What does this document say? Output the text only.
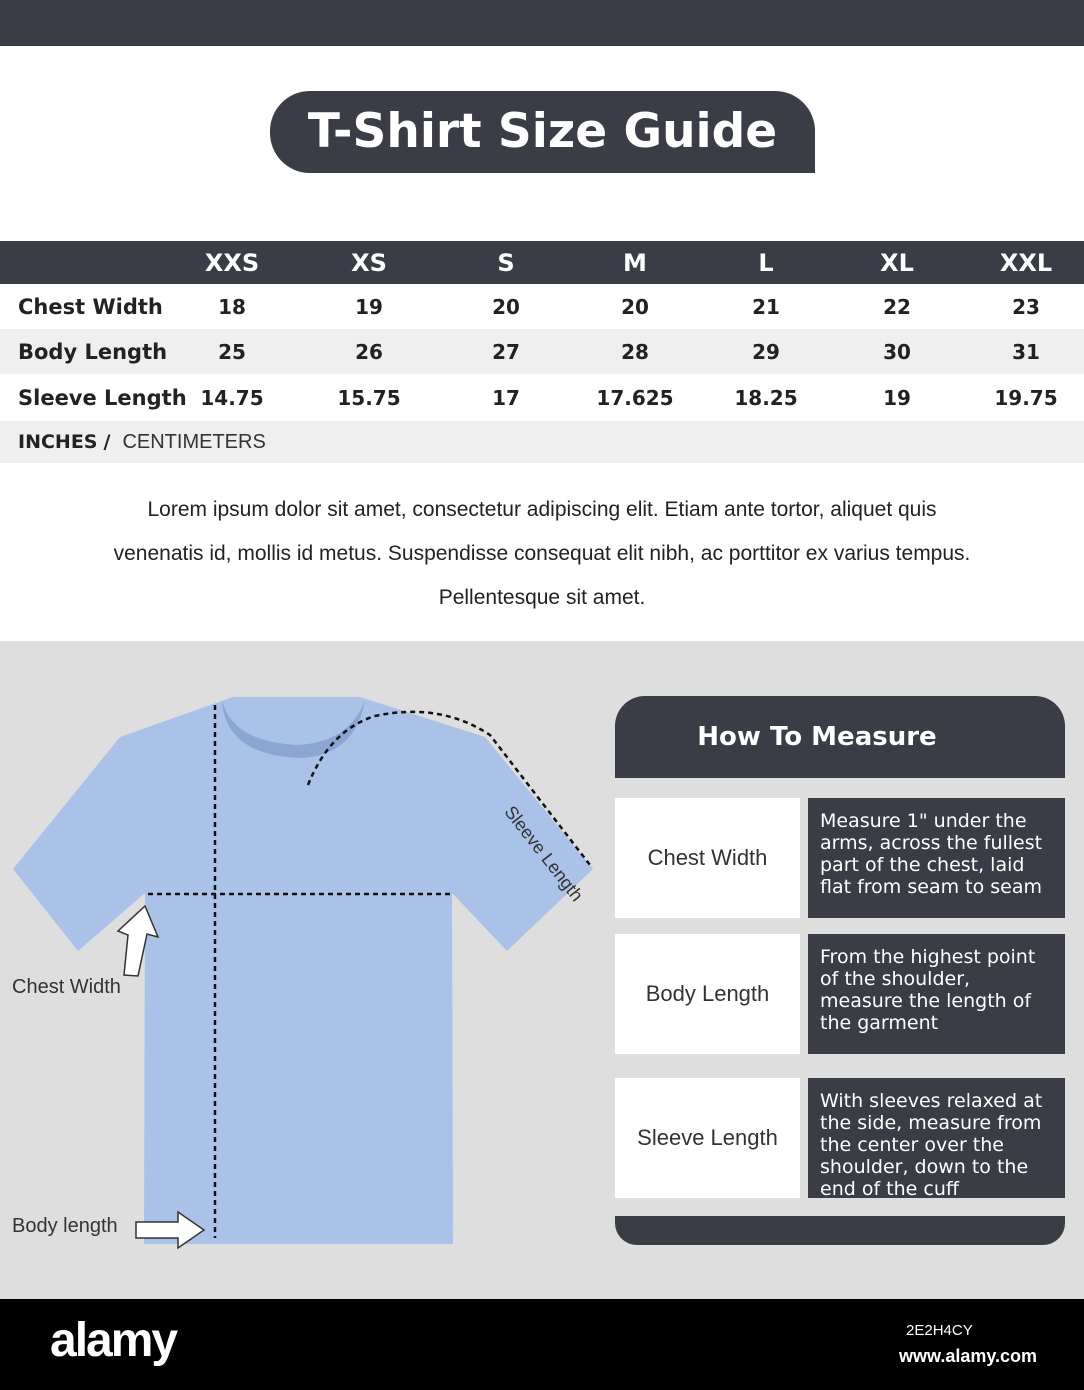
T-Shirt Size Guide
XXS	XS	S	M	L	XL	XXL
Chest Width	18	19	20	20	21	22	23
Body Length	25	26	27	28	29	30	31
Sleeve Length 14.75	15.75	17	17.625	18.25	19	19.75
INCHES / CENTIMETERS

Lorem ipsum dolor sit amet, consectetur adipiscing elit. Etiam ante tortor, aliquet quis venenatis id, mollis id metus. Suspendisse consequat elit nibh, ac porttitor ex varius tempus. Pellentesque sit amet.

Chest Width
Body length
Sleeve Length
How To Measure
Chest Width
Measure 1" under the arms, across the fullest part of the chest, laid flat from seam to seam
Body Length
From the highest point of the shoulder, measure the length of the garment
Sleeve Length
With sleeves relaxed at the side, measure from the center over the shoulder, down to the end of the cuff
alamy	2E2H4CY
www.alamy.com
